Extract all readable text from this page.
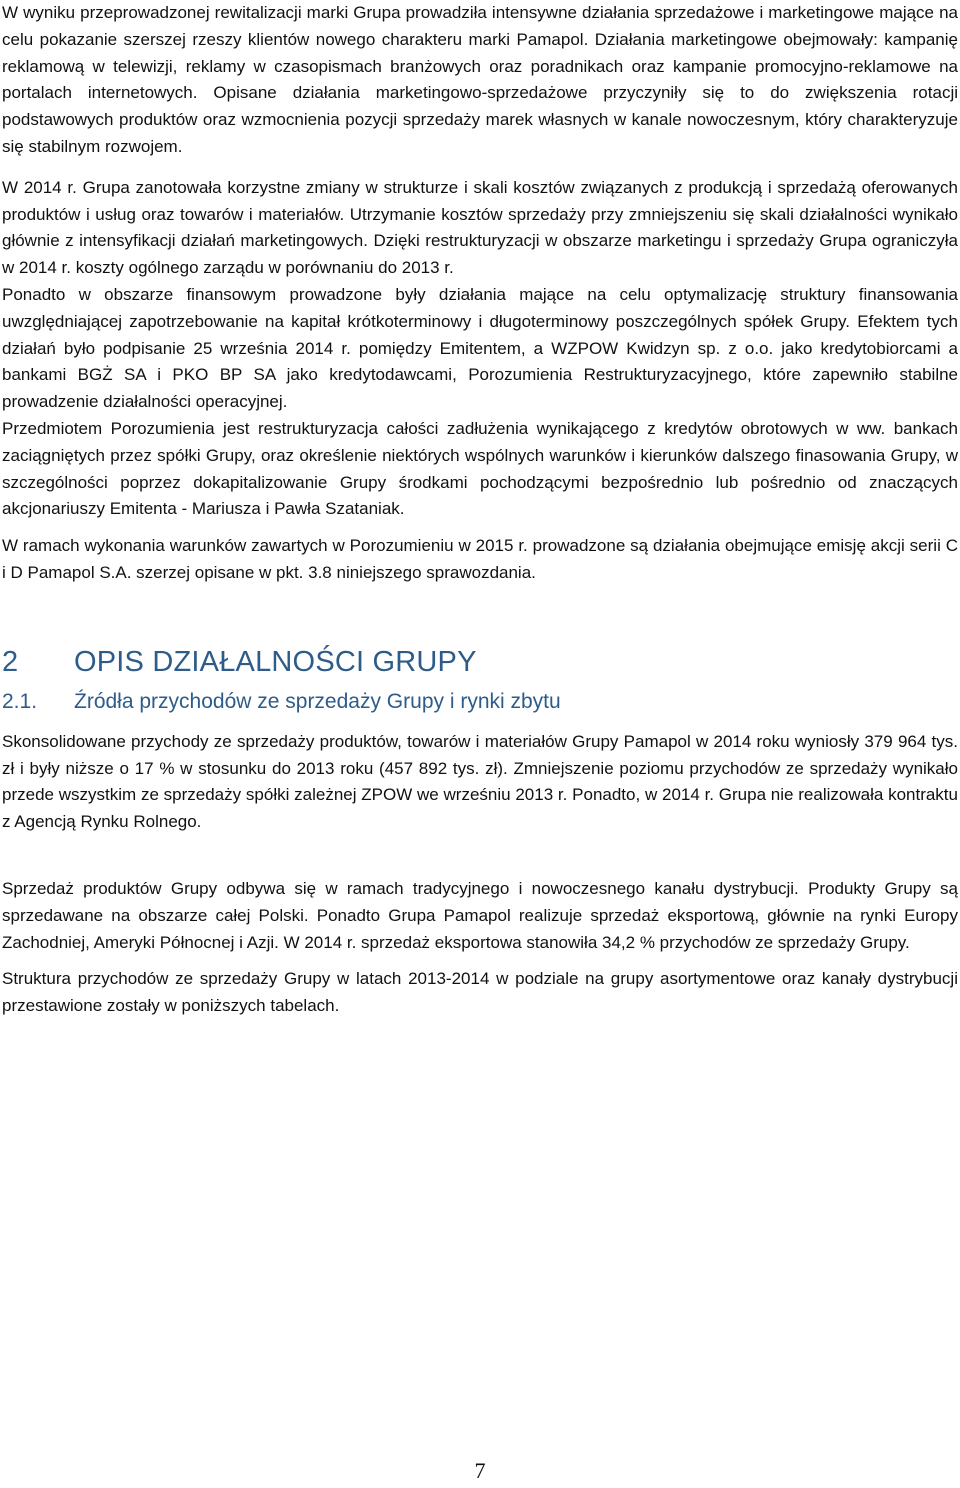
W wyniku przeprowadzonej rewitalizacji marki Grupa prowadziła intensywne działania sprzedażowe i marketingowe mające na celu pokazanie szerszej rzeszy klientów nowego charakteru marki Pamapol. Działania marketingowe obejmowały: kampanię reklamową w telewizji, reklamy w czasopismach branżowych oraz poradnikach oraz kampanie promocyjno-reklamowe na portalach internetowych. Opisane działania marketingowo-sprzedażowe przyczyniły się to do zwiększenia rotacji podstawowych produktów oraz wzmocnienia pozycji sprzedaży marek własnych w kanale nowoczesnym, który charakteryzuje się stabilnym rozwojem.

W 2014 r. Grupa zanotowała korzystne zmiany w strukturze i skali kosztów związanych z produkcją i sprzedażą oferowanych produktów i usług oraz towarów i materiałów. Utrzymanie kosztów sprzedaży przy zmniejszeniu się skali działalności wynikało głównie z intensyfikacji działań marketingowych. Dzięki restrukturyzacji w obszarze marketingu i sprzedaży Grupa ograniczyła w 2014 r. koszty ogólnego zarządu w porównaniu do 2013 r.

Ponadto w obszarze finansowym prowadzone były działania mające na celu optymalizację struktury finansowania uwzględniającej zapotrzebowanie na kapitał krótkoterminowy i długoterminowy poszczególnych spółek Grupy. Efektem tych działań było podpisanie 25 września 2014 r. pomiędzy Emitentem, a WZPOW Kwidzyn sp. z o.o. jako kredytobiorcami a bankami BGŻ SA i PKO BP SA jako kredytodawcami, Porozumienia Restrukturyzacyjnego, które zapewniło stabilne prowadzenie działalności operacyjnej.

Przedmiotem Porozumienia jest restrukturyzacja całości zadłużenia wynikającego z kredytów obrotowych w ww. bankach zaciągniętych przez spółki Grupy, oraz określenie niektórych wspólnych warunków i kierunków dalszego finasowania Grupy, w szczególności poprzez dokapitalizowanie Grupy środkami pochodzącymi bezpośrednio lub pośrednio od znaczących akcjonariuszy Emitenta - Mariusza i Pawła Szataniak.

W ramach wykonania warunków zawartych w Porozumieniu w 2015 r. prowadzone są działania obejmujące emisję akcji serii C i D Pamapol S.A. szerzej opisane w pkt. 3.8 niniejszego sprawozdania.

2 OPIS DZIAŁALNOŚCI GRUPY
2.1. Źródła przychodów ze sprzedaży Grupy i rynki zbytu

Skonsolidowane przychody ze sprzedaży produktów, towarów i materiałów Grupy Pamapol w 2014 roku wyniosły 379 964 tys. zł i były niższe o 17 % w stosunku do 2013 roku (457 892 tys. zł). Zmniejszenie poziomu przychodów ze sprzedaży wynikało przede wszystkim ze sprzedaży spółki zależnej ZPOW we wrześniu 2013 r. Ponadto, w 2014 r. Grupa nie realizowała kontraktu z Agencją Rynku Rolnego.

Sprzedaż produktów Grupy odbywa się w ramach tradycyjnego i nowoczesnego kanału dystrybucji. Produkty Grupy są sprzedawane na obszarze całej Polski. Ponadto Grupa Pamapol realizuje sprzedaż eksportową, głównie na rynki Europy Zachodniej, Ameryki Północnej i Azji. W 2014 r. sprzedaż eksportowa stanowiła 34,2 % przychodów ze sprzedaży Grupy.

Struktura przychodów ze sprzedaży Grupy w latach 2013-2014 w podziale na grupy asortymentowe oraz kanały dystrybucji przestawione zostały w poniższych tabelach.

7
